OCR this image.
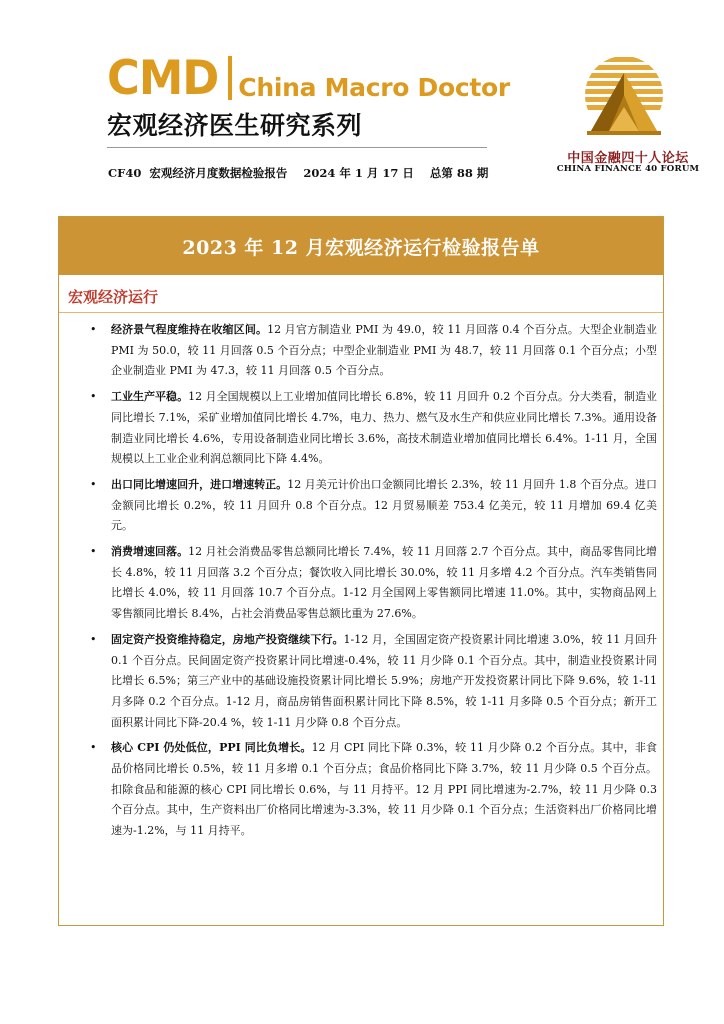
CMD China Macro Doctor
宏观经济医生研究系列
CF40  宏观经济月度数据检验报告    2024 年 1 月 17 日    总第 88 期
中国金融四十人论坛
CHINA FINANCE 40 FORUM
2023 年 12 月宏观经济运行检验报告单
宏观经济运行
• 经济景气程度维持在收缩区间。12 月官方制造业 PMI 为 49.0，较 11 月回落 0.4 个百分点。大型企业制造业 PMI 为 50.0，较 11 月回落 0.5 个百分点；中型企业制造业 PMI 为 48.7，较 11 月回落 0.1 个百分点；小型企业制造业 PMI 为 47.3，较 11 月回落 0.5 个百分点。

• 工业生产平稳。12 月全国规模以上工业增加值同比增长 6.8%，较 11 月回升 0.2 个百分点。分大类看，制造业同比增长 7.1%，采矿业增加值同比增长 4.7%，电力、热力、燃气及水生产和供应业同比增长 7.3%。通用设备制造业同比增长 4.6%，专用设备制造业同比增长 3.6%，高技术制造业增加值同比增长 6.4%。1-11 月，全国规模以上工业企业利润总额同比下降 4.4%。

• 出口同比增速回升，进口增速转正。12 月美元计价出口金额同比增长 2.3%，较 11 月回升 1.8 个百分点。进口金额同比增长 0.2%，较 11 月回升 0.8 个百分点。12 月贸易顺差 753.4 亿美元，较 11 月增加 69.4 亿美元。

• 消费增速回落。12 月社会消费品零售总额同比增长 7.4%，较 11 月回落 2.7 个百分点。其中，商品零售同比增长 4.8%，较 11 月回落 3.2 个百分点；餐饮收入同比增长 30.0%，较 11 月多增 4.2 个百分点。汽车类销售同比增长 4.0%，较 11 月回落 10.7 个百分点。1-12 月全国网上零售额同比增速 11.0%。其中，实物商品网上零售额同比增长 8.4%，占社会消费品零售总额比重为 27.6%。

• 固定资产投资维持稳定，房地产投资继续下行。1-12 月，全国固定资产投资累计同比增速 3.0%，较 11 月回升 0.1 个百分点。民间固定资产投资累计同比增速-0.4%，较 11 月少降 0.1 个百分点。其中，制造业投资累计同比增长 6.5%；第三产业中的基础设施投资累计同比增长 5.9%；房地产开发投资累计同比下降 9.6%，较 1-11 月多降 0.2 个百分点。1-12 月，商品房销售面积累计同比下降 8.5%，较 1-11 月多降 0.5 个百分点；新开工面积累计同比下降-20.4 %，较 1-11 月少降 0.8 个百分点。

• 核心 CPI 仍处低位，PPI 同比负增长。12 月 CPI 同比下降 0.3%，较 11 月少降 0.2 个百分点。其中，非食品价格同比增长 0.5%，较 11 月多增 0.1 个百分点；食品价格同比下降 3.7%，较 11 月少降 0.5 个百分点。扣除食品和能源的核心 CPI 同比增长 0.6%，与 11 月持平。12 月 PPI 同比增速为-2.7%，较 11 月少降 0.3 个百分点。其中，生产资料出厂价格同比增速为-3.3%，较 11 月少降 0.1 个百分点；生活资料出厂价格同比增速为-1.2%，与 11 月持平。
